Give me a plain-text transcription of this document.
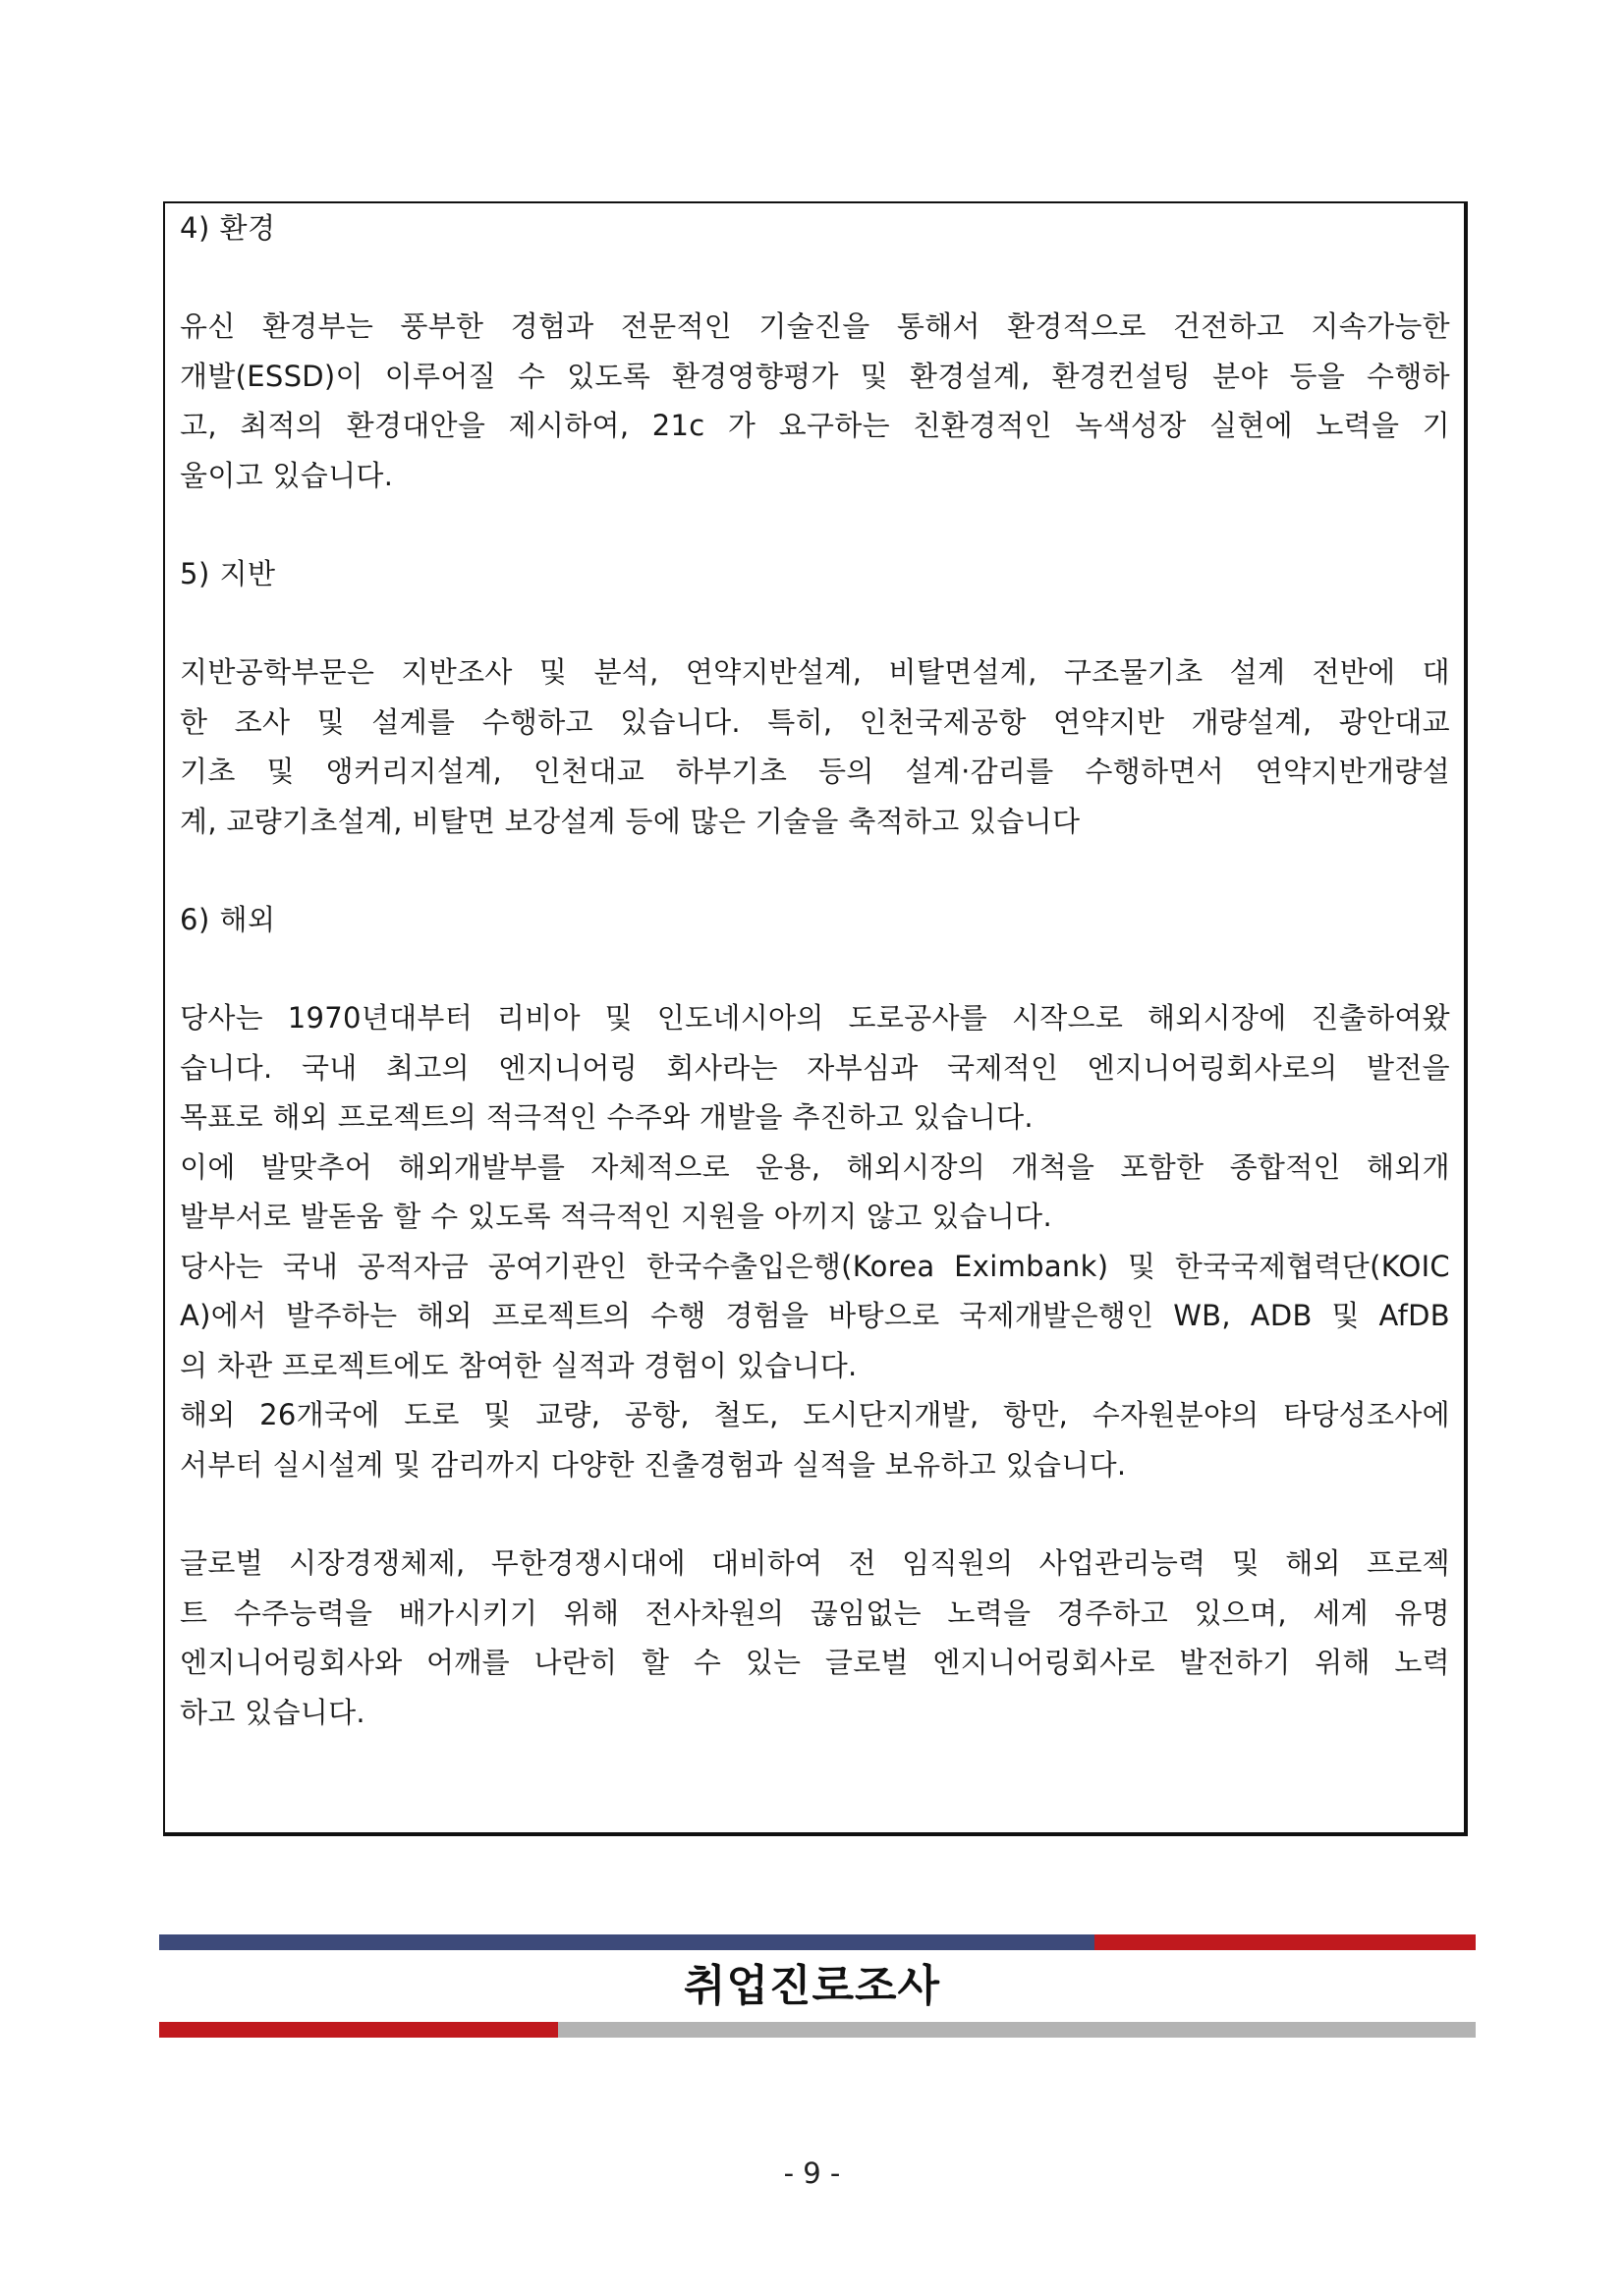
4) 환경

유신 환경부는 풍부한 경험과 전문적인 기술진을 통해서 환경적으로 건전하고 지속가능한
개발(ESSD)이 이루어질 수 있도록 환경영향평가 및 환경설계, 환경컨설팅 분야 등을 수행하
고, 최적의 환경대안을 제시하여, 21c 가 요구하는 친환경적인 녹색성장 실현에 노력을 기
울이고 있습니다.

5) 지반

지반공학부문은 지반조사 및 분석, 연약지반설계, 비탈면설계, 구조물기초 설계 전반에 대
한 조사 및 설계를 수행하고 있습니다. 특히, 인천국제공항 연약지반 개량설계, 광안대교
기초 및 앵커리지설계, 인천대교 하부기초 등의 설계·감리를 수행하면서 연약지반개량설
계, 교량기초설계, 비탈면 보강설계 등에 많은 기술을 축적하고 있습니다

6) 해외

당사는 1970년대부터 리비아 및 인도네시아의 도로공사를 시작으로 해외시장에 진출하여왔
습니다. 국내 최고의 엔지니어링 회사라는 자부심과 국제적인 엔지니어링회사로의 발전을
목표로 해외 프로젝트의 적극적인 수주와 개발을 추진하고 있습니다.
이에 발맞추어 해외개발부를 자체적으로 운용, 해외시장의 개척을 포함한 종합적인 해외개
발부서로 발돋움 할 수 있도록 적극적인 지원을 아끼지 않고 있습니다.
당사는 국내 공적자금 공여기관인 한국수출입은행(Korea Eximbank) 및 한국국제협력단(KOIC
A)에서 발주하는 해외 프로젝트의 수행 경험을 바탕으로 국제개발은행인 WB, ADB 및 AfDB
의 차관 프로젝트에도 참여한 실적과 경험이 있습니다.
해외 26개국에 도로 및 교량, 공항, 철도, 도시단지개발, 항만, 수자원분야의 타당성조사에
서부터 실시설계 및 감리까지 다양한 진출경험과 실적을 보유하고 있습니다.

글로벌 시장경쟁체제, 무한경쟁시대에 대비하여 전 임직원의 사업관리능력 및 해외 프로젝
트 수주능력을 배가시키기 위해 전사차원의 끊임없는 노력을 경주하고 있으며, 세계 유명
엔지니어링회사와 어깨를 나란히 할 수 있는 글로벌 엔지니어링회사로 발전하기 위해 노력
하고 있습니다.

취업진로조사
- 9 -
